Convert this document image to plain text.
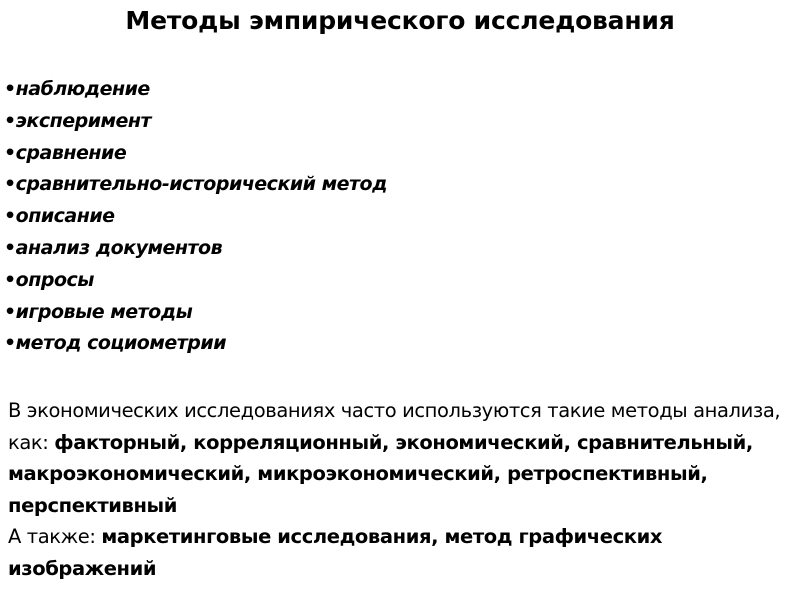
Методы эмпирического исследования
•наблюдение
•эксперимент
•сравнение
•сравнительно-исторический метод
•описание
•анализ документов
•опросы
•игровые методы
•метод социометрии
В экономических исследованиях часто используются такие методы анализа, как: факторный, корреляционный, экономический, сравнительный, макроэкономический, микроэкономический, ретроспективный, перспективный
А также: маркетинговые исследования, метод графических изображений
